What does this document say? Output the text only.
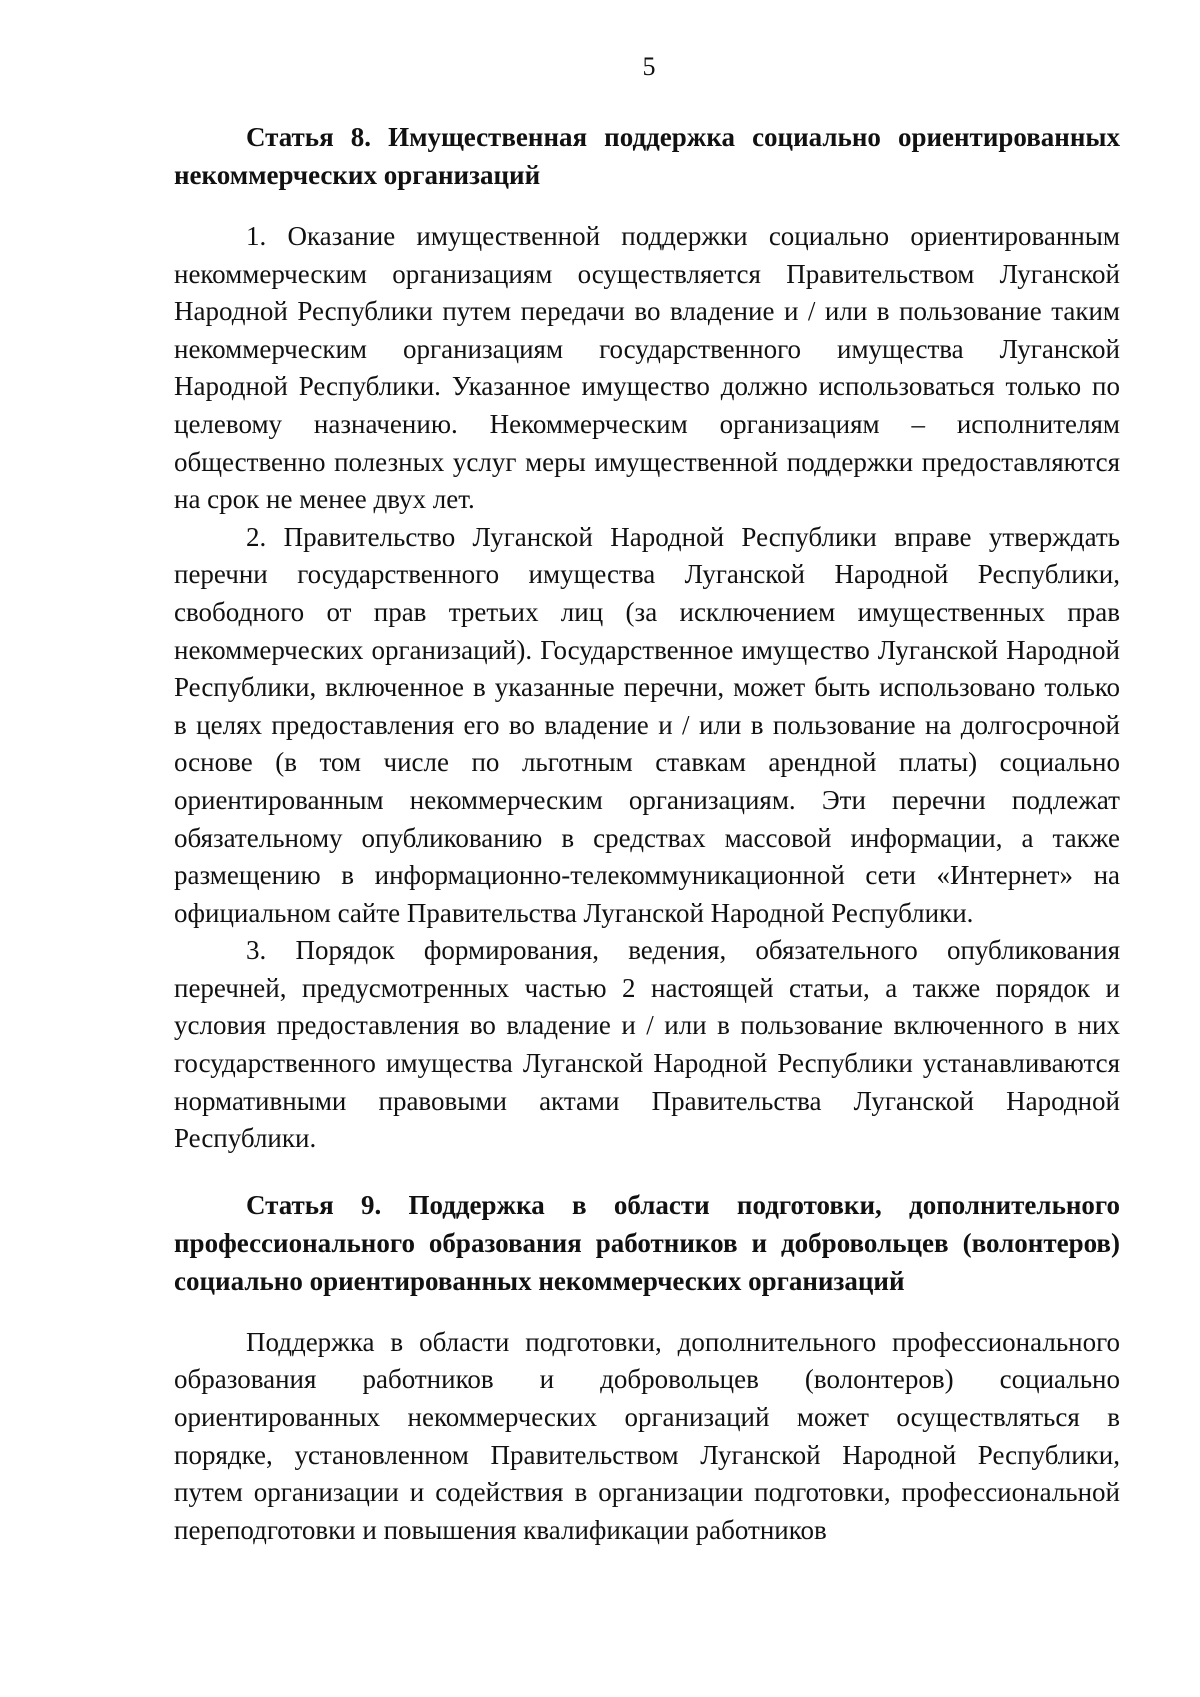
5
Статья 8. Имущественная поддержка социально ориентированных некоммерческих организаций

1. Оказание имущественной поддержки социально ориентированным некоммерческим организациям осуществляется Правительством Луганской Народной Республики путем передачи во владение и / или в пользование таким некоммерческим организациям государственного имущества Луганской Народной Республики. Указанное имущество должно использоваться только по целевому назначению. Некоммерческим организациям – исполнителям общественно полезных услуг меры имущественной поддержки предоставляются на срок не менее двух лет.

2. Правительство Луганской Народной Республики вправе утверждать перечни государственного имущества Луганской Народной Республики, свободного от прав третьих лиц (за исключением имущественных прав некоммерческих организаций). Государственное имущество Луганской Народной Республики, включенное в указанные перечни, может быть использовано только в целях предоставления его во владение и / или в пользование на долгосрочной основе (в том числе по льготным ставкам арендной платы) социально ориентированным некоммерческим организациям. Эти перечни подлежат обязательному опубликованию в средствах массовой информации, а также размещению в информационно-телекоммуникационной сети «Интернет» на официальном сайте Правительства Луганской Народной Республики.

3. Порядок формирования, ведения, обязательного опубликования перечней, предусмотренных частью 2 настоящей статьи, а также порядок и условия предоставления во владение и / или в пользование включенного в них государственного имущества Луганской Народной Республики устанавливаются нормативными правовыми актами Правительства Луганской Народной Республики.

Статья 9. Поддержка в области подготовки, дополнительного профессионального образования работников и добровольцев (волонтеров) социально ориентированных некоммерческих организаций

Поддержка в области подготовки, дополнительного профессионального образования работников и добровольцев (волонтеров) социально ориентированных некоммерческих организаций может осуществляться в порядке, установленном Правительством Луганской Народной Республики, путем организации и содействия в организации подготовки, профессиональной переподготовки и повышения квалификации работников
